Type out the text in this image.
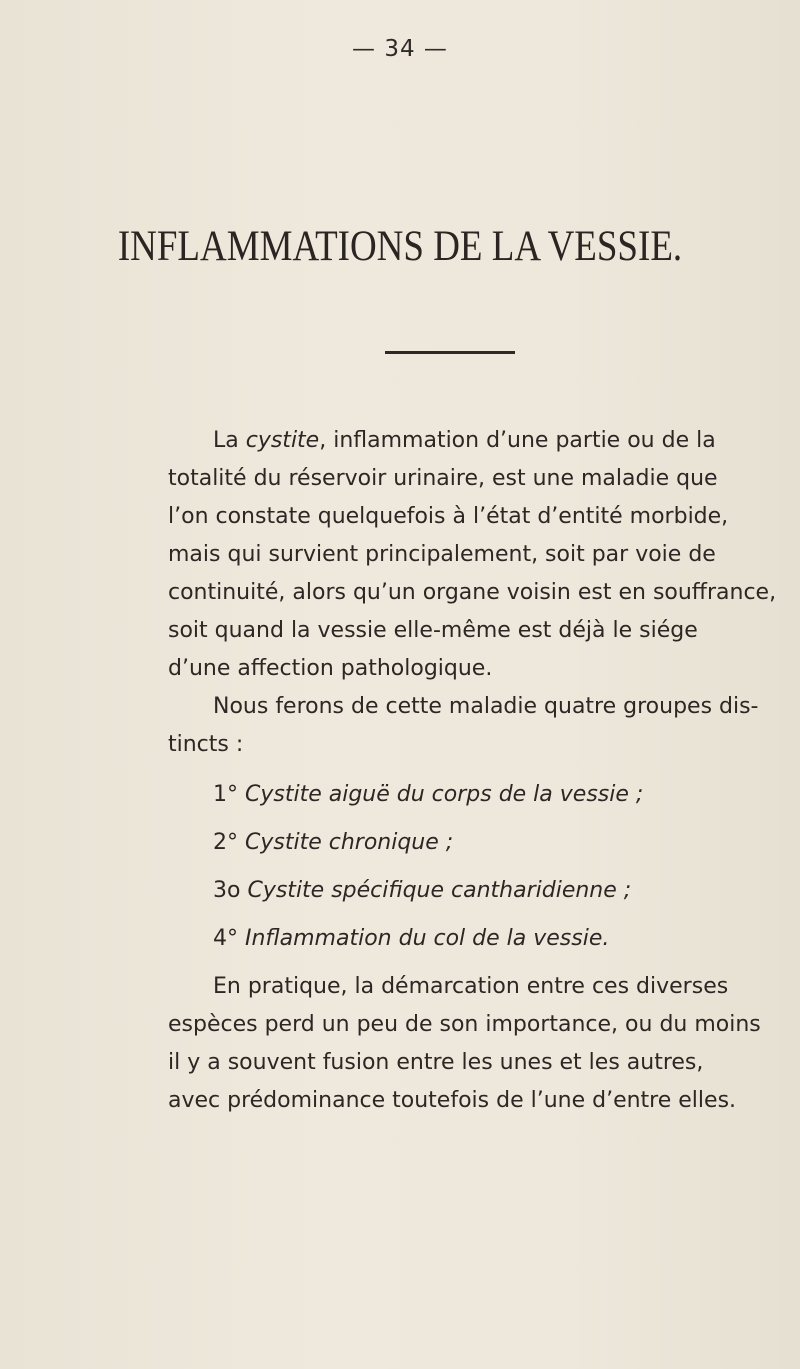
— 34 —
INFLAMMATIONS DE LA VESSIE.
La cystite, inflammation d’une partie ou de la
totalité du réservoir urinaire, est une maladie que
l’on constate quelquefois à l’état d’entité morbide,
mais qui survient principalement, soit par voie de
continuité, alors qu’un organe voisin est en souffrance,
soit quand la vessie elle-même est déjà le siége
d’une affection pathologique.
Nous ferons de cette maladie quatre groupes dis-
tincts :
1° Cystite aiguë du corps de la vessie ;
2° Cystite chronique ;
3o Cystite spécifique cantharidienne ;
4° Inflammation du col de la vessie.
En pratique, la démarcation entre ces diverses
espèces perd un peu de son importance, ou du moins
il y a souvent fusion entre les unes et les autres,
avec prédominance toutefois de l’une d’entre elles.
